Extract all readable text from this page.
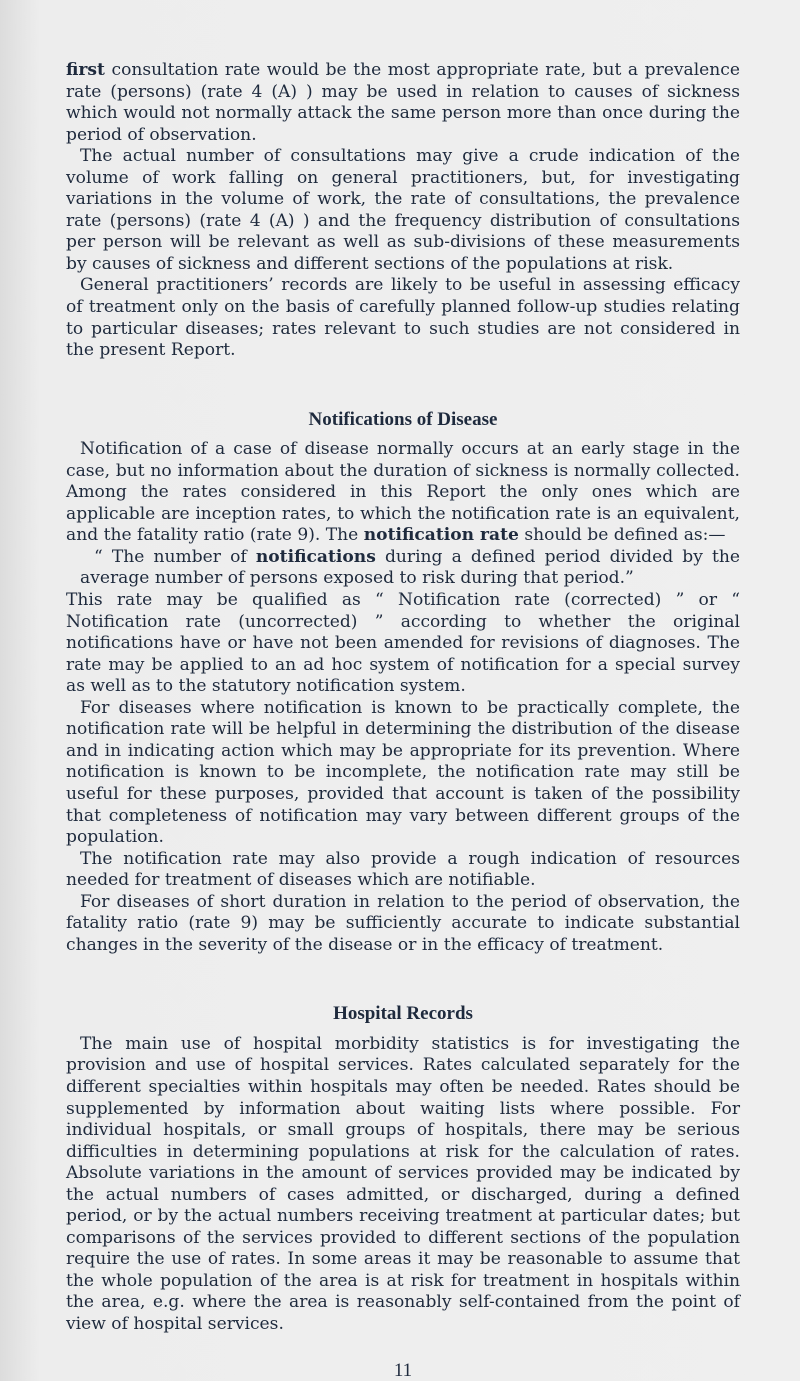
first consultation rate would be the most appropriate rate, but a prevalence rate (persons) (rate 4 (A) ) may be used in relation to causes of sickness which would not normally attack the same person more than once during the period of observation.

The actual number of consultations may give a crude indication of the volume of work falling on general practitioners, but, for investigating variations in the volume of work, the rate of consultations, the prevalence rate (persons) (rate 4 (A) ) and the frequency distribution of consultations per person will be relevant as well as sub-divisions of these measurements by causes of sickness and different sections of the populations at risk.

General practitioners’ records are likely to be useful in assessing efficacy of treatment only on the basis of carefully planned follow-up studies relating to particular diseases; rates relevant to such studies are not considered in the present Report.

Notifications of Disease

Notification of a case of disease normally occurs at an early stage in the case, but no information about the duration of sickness is normally collected. Among the rates considered in this Report the only ones which are applicable are inception rates, to which the notification rate is an equivalent, and the fatality ratio (rate 9). The notification rate should be defined as:—

“ The number of notifications during a defined period divided by the average number of persons exposed to risk during that period.”

This rate may be qualified as “ Notification rate (corrected) ” or “ Notification rate (uncorrected) ” according to whether the original notifications have or have not been amended for revisions of diagnoses. The rate may be applied to an ad hoc system of notification for a special survey as well as to the statutory notification system.

For diseases where notification is known to be practically complete, the notification rate will be helpful in determining the distribution of the disease and in indicating action which may be appropriate for its prevention. Where notification is known to be incomplete, the notification rate may still be useful for these purposes, provided that account is taken of the possibility that completeness of notification may vary between different groups of the population.

The notification rate may also provide a rough indication of resources needed for treatment of diseases which are notifiable.

For diseases of short duration in relation to the period of observation, the fatality ratio (rate 9) may be sufficiently accurate to indicate substantial changes in the severity of the disease or in the efficacy of treatment.

Hospital Records

The main use of hospital morbidity statistics is for investigating the provision and use of hospital services. Rates calculated separately for the different specialties within hospitals may often be needed. Rates should be supplemented by information about waiting lists where possible. For individual hospitals, or small groups of hospitals, there may be serious difficulties in determining populations at risk for the calculation of rates. Absolute variations in the amount of services provided may be indicated by the actual numbers of cases admitted, or discharged, during a defined period, or by the actual numbers receiving treatment at particular dates; but comparisons of the services provided to different sections of the population require the use of rates. In some areas it may be reasonable to assume that the whole population of the area is at risk for treatment in hospitals within the area, e.g. where the area is reasonably self-contained from the point of view of hospital services.

11
